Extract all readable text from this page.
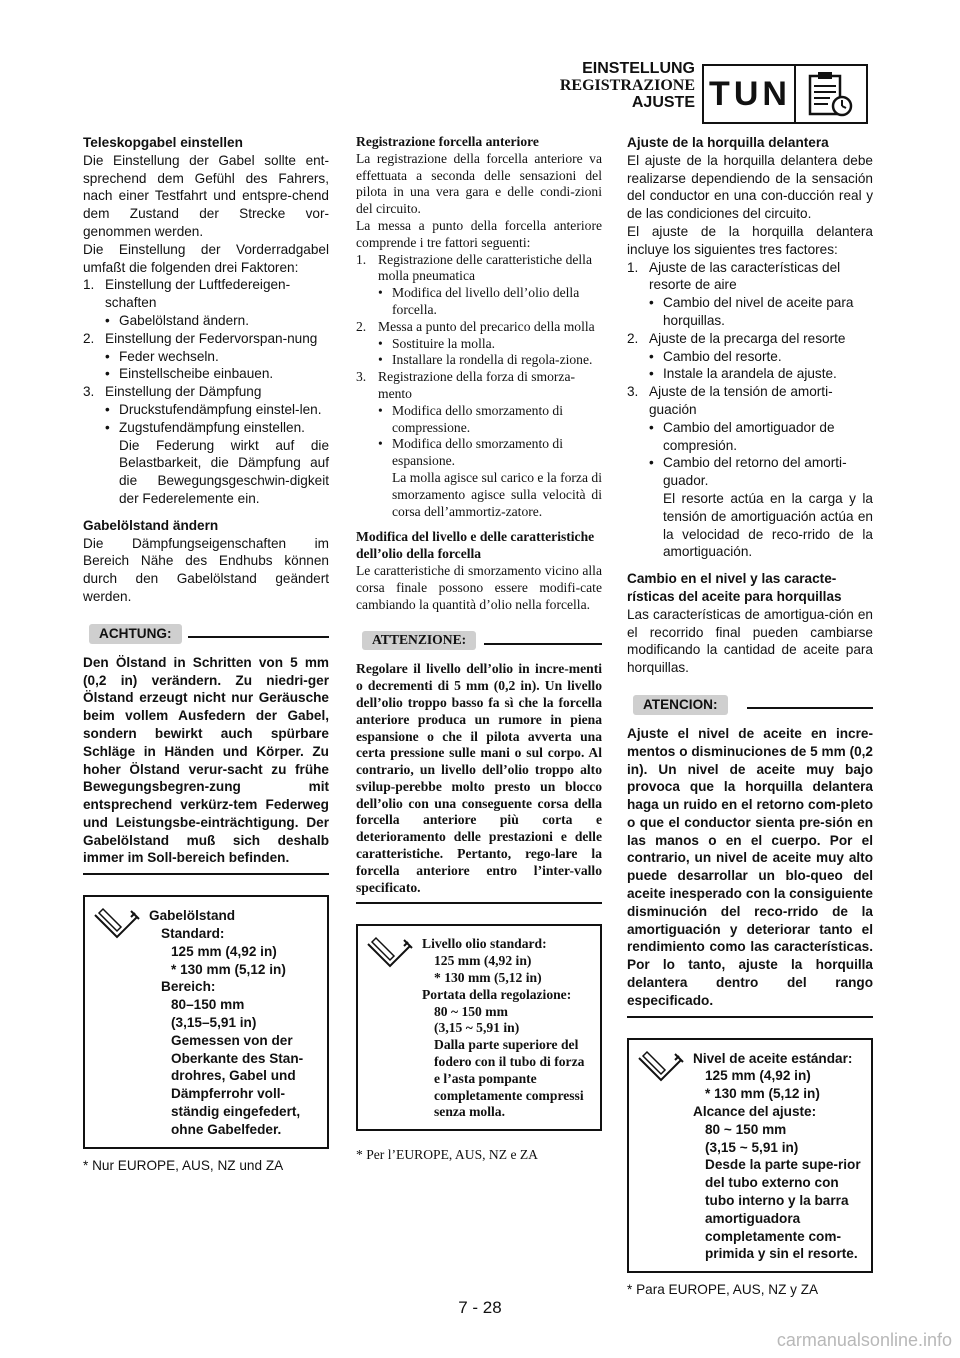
EINSTELLUNG
REGISTRAZIONE
AJUSTE TUN
Teleskopgabel einstellen

Die Einstellung der Gabel sollte ent-sprechend dem Gefühl des Fahrers, nach einer Testfahrt und entspre-chend dem Zustand der Strecke vor-genommen werden.

Die Einstellung der Vorderradgabel umfaßt die folgenden drei Faktoren:

1. Einstellung der Luftfedereigen-schaften
• Gabelölstand ändern.
2. Einstellung der Federvorspan-nung
• Feder wechseln.
• Einstellscheibe einbauen.
3. Einstellung der Dämpfung
• Druckstufendämpfung einstel-len.
• Zugstufendämpfung einstellen.
Die Federung wirkt auf die Belastbarkeit, die Dämpfung auf die Bewegungsgeschwin-digkeit der Federelemente ein.
Gabelölstand ändern

Die Dämpfungseigenschaften im Bereich Nähe des Endhubs können durch den Gabelölstand geändert werden.

ACHTUNG:
Den Ölstand in Schritten von 5 mm (0,2 in) verändern. Zu niedri-ger Ölstand erzeugt nicht nur Geräusche beim vollem Ausfedern der Gabel, sondern bewirkt auch spürbare Schläge in Händen und Körper. Zu hoher Ölstand verur-sacht zu frühe Bewegungsbegren-zung mit entsprechend verkürz-tem Federweg und Leistungsbe-einträchtigung. Der Gabelölstand muß sich deshalb immer im Soll-bereich befinden.
Gabelölstand
Standard:
125 mm (4,92 in)
* 130 mm (5,12 in)
Bereich:
80–150 mm
(3,15–5,91 in)
Gemessen von der Oberkante des Stan-drohres, Gabel und Dämpferrohr voll-ständig eingefedert, ohne Gabelfeder.
* Nur EUROPE, AUS, NZ und ZA
Registrazione forcella anteriore

La registrazione della forcella anteriore va effettuata a seconda delle sensazioni del pilota in una vera gara e delle condi-zioni del circuito.

La messa a punto della forcella anteriore comprende i tre fattori seguenti:

1. Registrazione delle caratteristiche della molla pneumatica
• Modifica del livello dell’olio della forcella.
2. Messa a punto del precarico della molla
• Sostituire la molla.
• Installare la rondella di regola-zione.
3. Registrazione della forza di smorza-mento
• Modifica dello smorzamento di compressione.
• Modifica dello smorzamento di espansione.
La molla agisce sul carico e la forza di smorzamento agisce sulla velocità di corsa dell’ammortiz-zatore.
Modifica del livello e delle caratteristiche dell’olio della forcella

Le caratteristiche di smorzamento vicino alla corsa finale possono essere modifi-cate cambiando la quantità d’olio nella forcella.

ATTENZIONE:
Regolare il livello dell’olio in incre-menti o decrementi di 5 mm (0,2 in). Un livello dell’olio troppo basso fa sì che la forcella anteriore produca un rumore in piena espansione o che il pilota avverta una certa pressione sulle mani o sul corpo. Al contrario, un livello dell’olio troppo alto svilup-perebbe molto presto un blocco dell’olio con una conseguente corsa della forcella anteriore più corta e deterioramento delle prestazioni e delle caratteristiche. Pertanto, rego-lare la forcella anteriore entro l’inter-vallo specificato.
Livello olio standard:
125 mm (4,92 in)
* 130 mm (5,12 in)
Portata della regolazione:
80 ~ 150 mm
(3,15 ~ 5,91 in)
Dalla parte superiore del fodero con il tubo di forza e l’asta pompante completamente compressi senza molla.
* Per l’EUROPE, AUS, NZ e ZA
Ajuste de la horquilla delantera

El ajuste de la horquilla delantera debe realizarse dependiendo de la sensación del conductor en una con-ducción real y de las condiciones del circuito.

El ajuste de la horquilla delantera incluye los siguientes tres factores:

1. Ajuste de las características del resorte de aire
• Cambio del nivel de aceite para horquillas.
2. Ajuste de la precarga del resorte
• Cambio del resorte.
• Instale la arandela de ajuste.
3. Ajuste de la tensión de amorti-guación
• Cambio del amortiguador de compresión.
• Cambio del retorno del amorti-guador.
El resorte actúa en la carga y la tensión de amortiguación actúa en la velocidad de reco-rrido de la amortiguación.
Cambio en el nivel y las caracte-rísticas del aceite para horquillas

Las características de amortigua-ción en el recorrido final pueden cambiarse modificando la cantidad de aceite para horquillas.

ATENCION:
Ajuste el nivel de aceite en incre-mentos o disminuciones de 5 mm (0,2 in). Un nivel de aceite muy bajo provoca que la horquilla delantera haga un ruido en el retorno com-pleto o que el conductor sienta pre-sión en las manos o en el cuerpo. Por el contrario, un nivel de aceite muy alto puede desarrollar un blo-queo del aceite inesperado con la consiguiente disminución del reco-rrido de la amortiguación y deteriorar tanto el rendimiento como las características. Por lo tanto, ajuste la horquilla delantera dentro del rango especificado.
Nivel de aceite estándar:
125 mm (4,92 in)
* 130 mm (5,12 in)
Alcance del ajuste:
80 ~ 150 mm
(3,15 ~ 5,91 in)
Desde la parte supe-rior del tubo externo con tubo interno y la barra amortiguadora completamente com-primida y sin el resorte.
* Para EUROPE, AUS, NZ y ZA
7 - 28
carmanualsonline.info
